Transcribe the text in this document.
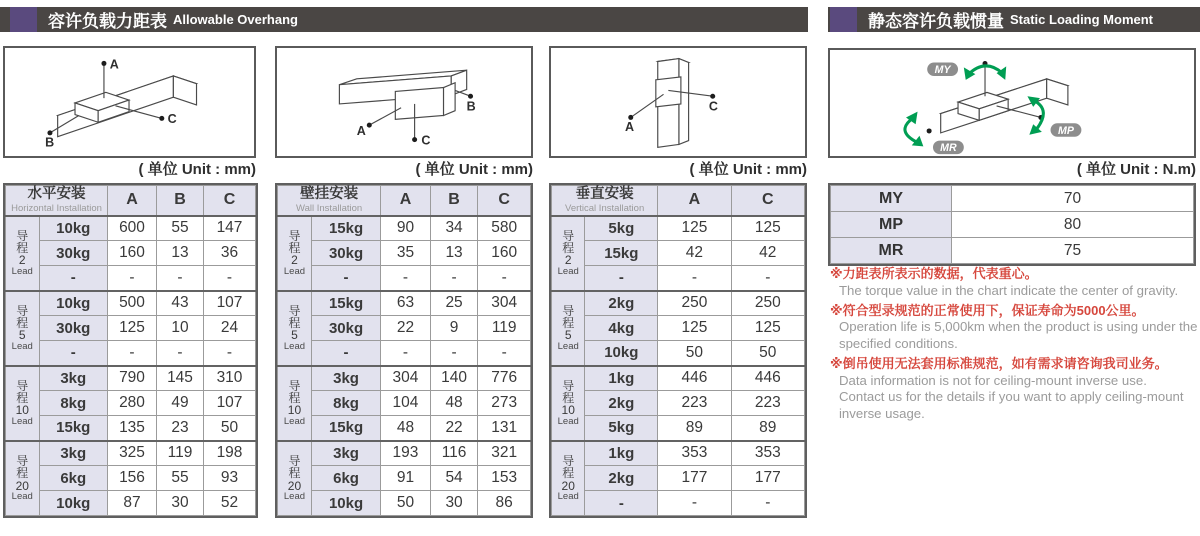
容许负载力距表 Allowable Overhang	静态容许负载惯量 Static Loading Moment
A
C
B
A
C
B
A
C
MY
MP
MR
( 单位 Unit : mm)	( 单位 Unit : mm)	( 单位 Unit : mm)	( 单位 Unit : N.m)
水平安装
Horizontal Installation		A	B	C

导
程
2
Lead	10kg	600	55	147
	30kg	160	13	36
	-	-	-	-

导
程
5
Lead	10kg	500	43	107
	30kg	125	10	24
	-	-	-	-

导
程
10
Lead	3kg	790	145	310
	8kg	280	49	107
	15kg	135	23	50

导
程
20
Lead	3kg	325	119	198
	6kg	156	55	93
	10kg	87	30	52
壁挂安装
Wall Installation		A	B	C

导
程
2
Lead	15kg	90	34	580
	30kg	35	13	160
	-	-	-	-

导
程
5
Lead	15kg	63	25	304
	30kg	22	9	119
	-	-	-	-

导
程
10
Lead	3kg	304	140	776
	8kg	104	48	273
	15kg	48	22	131

导
程
20
Lead	3kg	193	116	321
	6kg	91	54	153
	10kg	50	30	86
垂直安装
Vertical Installation		A	C

导
程
2
Lead	5kg	125	125
	15kg	42	42
	-	-	-

导
程
5
Lead	2kg	250	250
	4kg	125	125
	10kg	50	50

导
程
10
Lead	1kg	446	446
	2kg	223	223
	5kg	89	89

导
程
20
Lead	1kg	353	353
	2kg	177	177
	-	-	-
MY	70
MP	80
MR	75
※力距表所表示的数据，代表重心。
The torque value in the chart indicate the center of gravity.
※符合型录规范的正常使用下，保证寿命为5000公里。
Operation life is 5,000km when the product is using under the specified conditions.
※倒吊使用无法套用标准规范，如有需求请咨询我司业务。
Data information is not for ceiling-mount inverse use.
Contact us for the details if you want to apply ceiling-mount inverse usage.
